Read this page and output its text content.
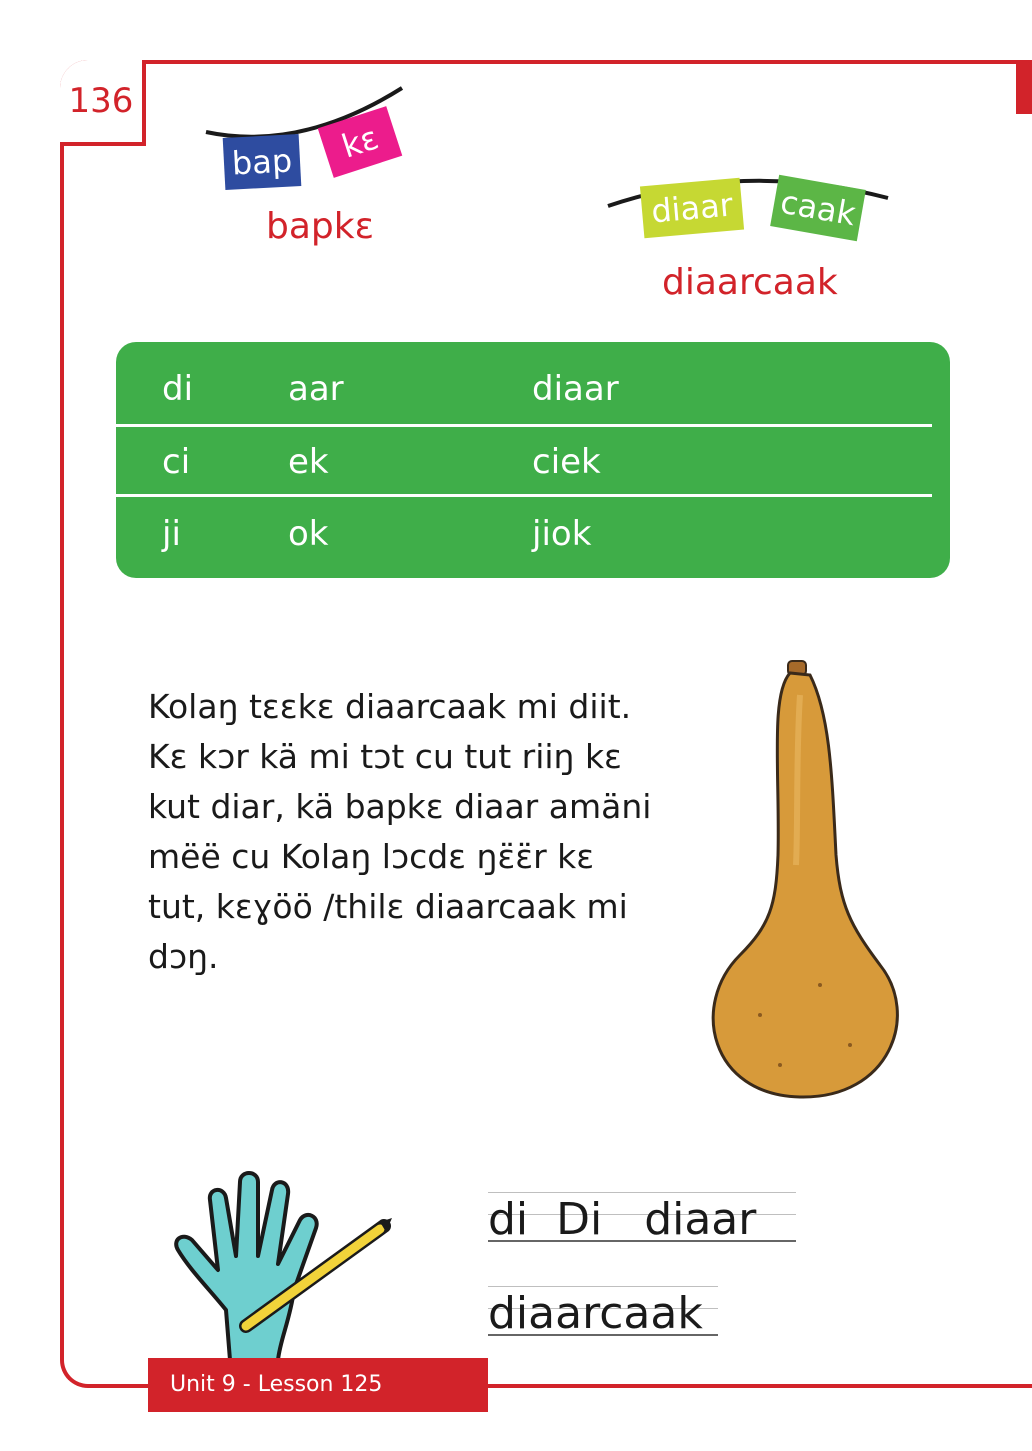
136
bap	kɛ
bapkɛ	diaar	caak
diaarcaak
di	aar	diaar
ci	ek	ciek
ji	ok	jiok
Kolaŋ tɛɛkɛ diaarcaak mi diit.
Kɛ kɔr kä mi tɔt cu tut riiŋ kɛ
kut diar, kä bapkɛ diaar amäni
mëë cu Kolaŋ lɔcdɛ ŋɛ̈ɛ̈r kɛ
tut, kɛɣöö /thilɛ diaarcaak mi
dɔŋ.
di  Di   diaar
diaarcaak
Unit 9 - Lesson 125
